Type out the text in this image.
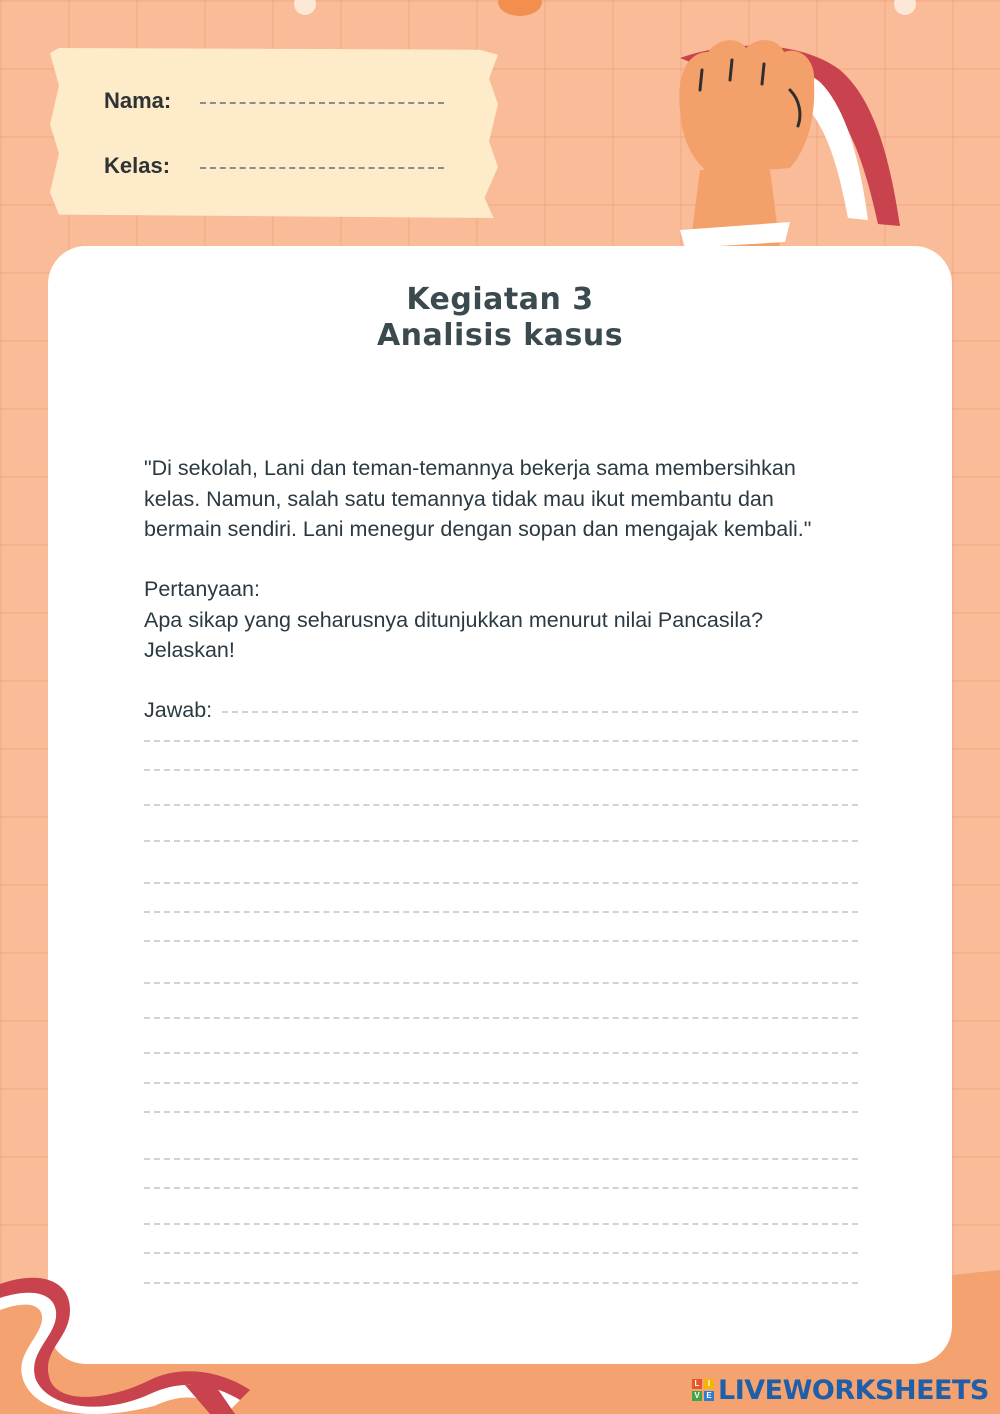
Nama:
Kelas:
Kegiatan 3
Analisis kasus

"Di sekolah, Lani dan teman-temannya bekerja sama membersihkan
kelas. Namun, salah satu temannya tidak mau ikut membantu dan
bermain sendiri. Lani menegur dengan sopan dan mengajak kembali."

Pertanyaan:
Apa sikap yang seharusnya ditunjukkan menurut nilai Pancasila?
Jelaskan!

Jawab:
L	I
V E LIVEWORKSHEETS
